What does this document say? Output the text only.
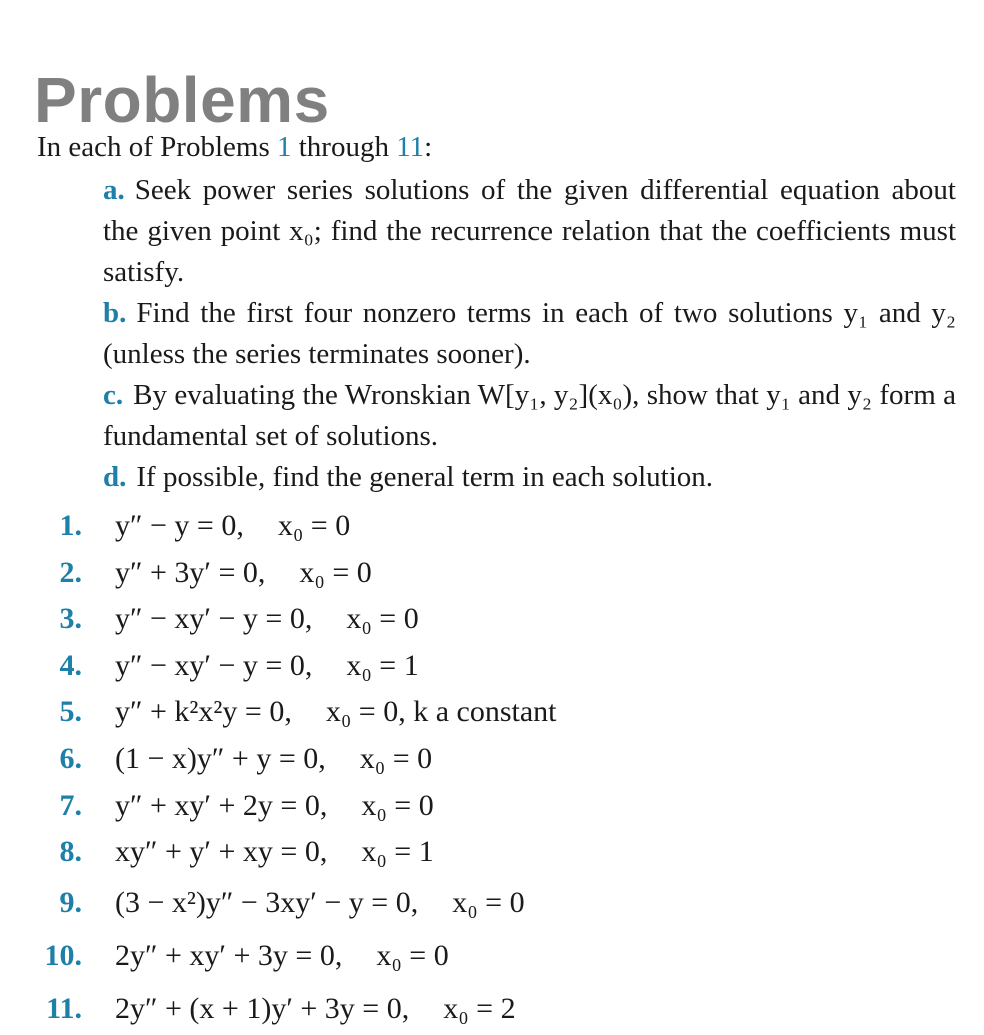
Problems
In each of Problems 1 through 11:
a. Seek power series solutions of the given differential equation about the given point x₀; find the recurrence relation that the coefficients must satisfy.
b. Find the first four nonzero terms in each of two solutions y₁ and y₂ (unless the series terminates sooner).
c. By evaluating the Wronskian W[y₁, y₂](x₀), show that y₁ and y₂ form a fundamental set of solutions.
d. If possible, find the general term in each solution.
1. y″ − y = 0, x₀ = 0
2. y″ + 3y′ = 0, x₀ = 0
3. y″ − xy′ − y = 0, x₀ = 0
4. y″ − xy′ − y = 0, x₀ = 1
5. y″ + k²x²y = 0, x₀ = 0, k a constant
6. (1 − x)y″ + y = 0, x₀ = 0
7. y″ + xy′ + 2y = 0, x₀ = 0
8. xy″ + y′ + xy = 0, x₀ = 1
9. (3 − x²)y″ − 3xy′ − y = 0, x₀ = 0
10. 2y″ + xy′ + 3y = 0, x₀ = 0
11. 2y″ + (x + 1)y′ + 3y = 0, x₀ = 2
